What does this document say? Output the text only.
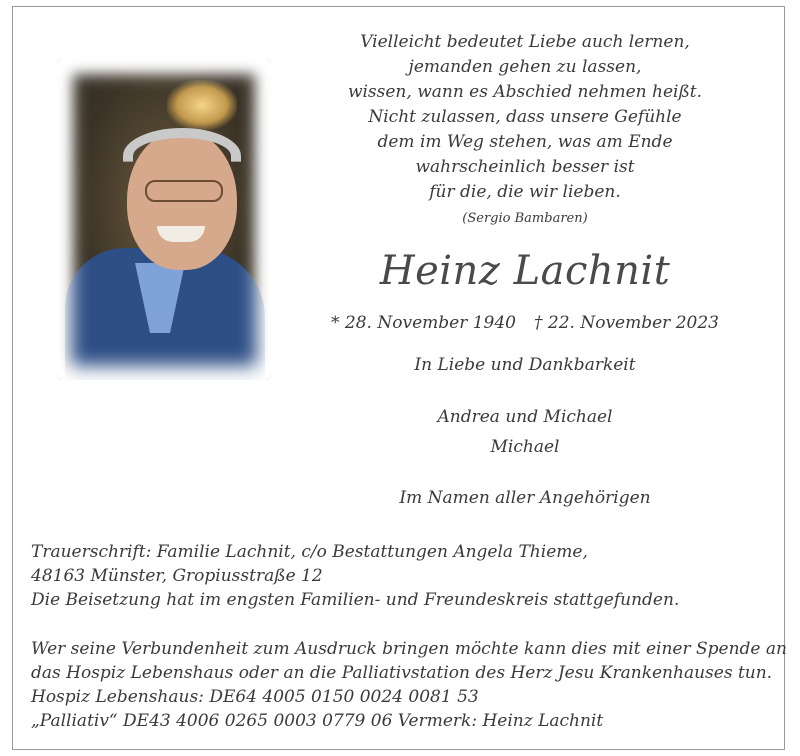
Vielleicht bedeutet Liebe auch lernen,
jemanden gehen zu lassen,
wissen, wann es Abschied nehmen heißt.
Nicht zulassen, dass unsere Gefühle
dem im Weg stehen, was am Ende
wahrscheinlich besser ist
für die, die wir lieben.
(Sergio Bambaren)
Heinz Lachnit
* 28. November 1940 † 22. November 2023
In Liebe und Dankbarkeit
Andrea und Michael
Michael
Im Namen aller Angehörigen
Trauerschrift: Familie Lachnit, c/o Bestattungen Angela Thieme,
48163 Münster, Gropiusstraße 12
Die Beisetzung hat im engsten Familien- und Freundeskreis stattgefunden.
Wer seine Verbundenheit zum Ausdruck bringen möchte kann dies mit einer Spende an
das Hospiz Lebenshaus oder an die Palliativstation des Herz Jesu Krankenhauses tun.
Hospiz Lebenshaus: DE64 4005 0150 0024 0081 53
„Palliativ“ DE43 4006 0265 0003 0779 06 Vermerk: Heinz Lachnit
